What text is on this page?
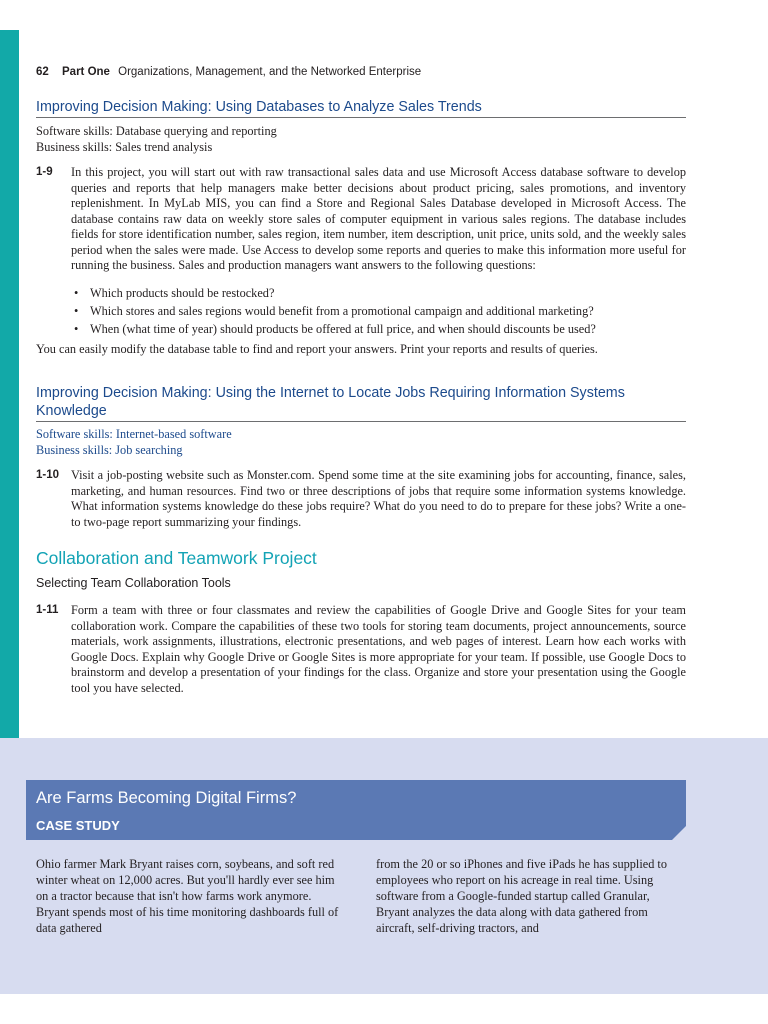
62 Part One Organizations, Management, and the Networked Enterprise
Improving Decision Making: Using Databases to Analyze Sales Trends
Software skills: Database querying and reporting
Business skills: Sales trend analysis
1-9 In this project, you will start out with raw transactional sales data and use Microsoft Access database software to develop queries and reports that help managers make better decisions about product pricing, sales promotions, and inventory replenishment. In MyLab MIS, you can find a Store and Regional Sales Database developed in Microsoft Access. The database contains raw data on weekly store sales of computer equipment in various sales regions. The database includes fields for store identification number, sales region, item number, item description, unit price, units sold, and the weekly sales period when the sales were made. Use Access to develop some reports and queries to make this information more useful for running the business. Sales and production managers want answers to the following questions:
• Which products should be restocked?
• Which stores and sales regions would benefit from a promotional campaign and additional marketing?
• When (what time of year) should products be offered at full price, and when should discounts be used?
You can easily modify the database table to find and report your answers. Print your reports and results of queries.
Improving Decision Making: Using the Internet to Locate Jobs Requiring Information Systems Knowledge
Software skills: Internet-based software
Business skills: Job searching
1-10 Visit a job-posting website such as Monster.com. Spend some time at the site examining jobs for accounting, finance, sales, marketing, and human resources. Find two or three descriptions of jobs that require some information systems knowledge. What information systems knowledge do these jobs require? What do you need to do to prepare for these jobs? Write a one- to two-page report summarizing your findings.
Collaboration and Teamwork Project
Selecting Team Collaboration Tools
1-11 Form a team with three or four classmates and review the capabilities of Google Drive and Google Sites for your team collaboration work. Compare the capabilities of these two tools for storing team documents, project announcements, source materials, work assignments, illustrations, electronic presentations, and web pages of interest. Learn how each works with Google Docs. Explain why Google Drive or Google Sites is more appropriate for your team. If possible, use Google Docs to brainstorm and develop a presentation of your findings for the class. Organize and store your presentation using the Google tool you have selected.
Are Farms Becoming Digital Firms?
CASE STUDY
Ohio farmer Mark Bryant raises corn, soybeans, and soft red winter wheat on 12,000 acres. But you'll hardly ever see him on a tractor because that isn't how farms work anymore. Bryant spends most of his time monitoring dashboards full of data gathered
from the 20 or so iPhones and five iPads he has supplied to employees who report on his acreage in real time. Using software from a Google-funded startup called Granular, Bryant analyzes the data along with data gathered from aircraft, self-driving tractors, and
